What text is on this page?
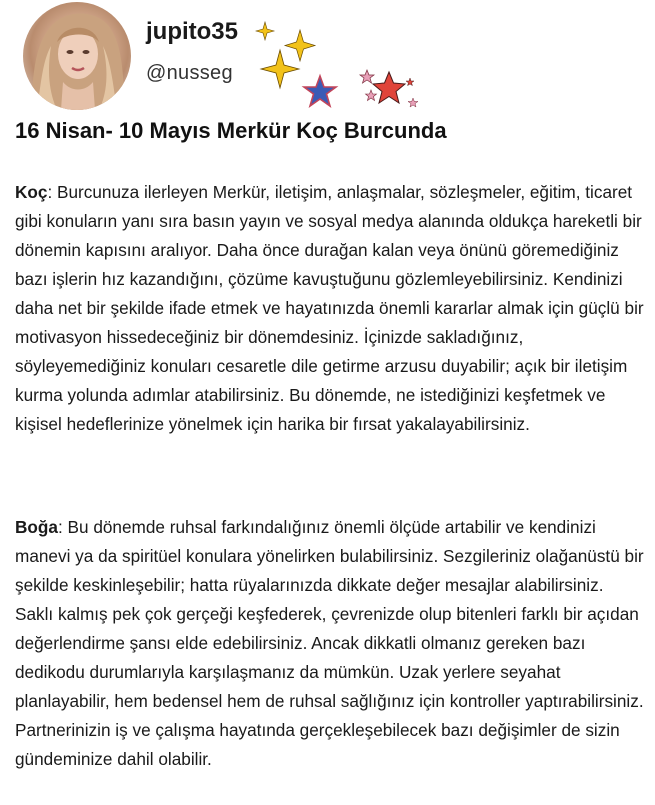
jupito35
@nusseg
16 Nisan- 10 Mayıs Merkür Koç Burcunda
Koç: Burcunuza ilerleyen Merkür, iletişim, anlaşmalar, sözleşmeler, eğitim, ticaret gibi konuların yanı sıra basın yayın ve sosyal medya alanında oldukça hareketli bir dönemin kapısını aralıyor. Daha önce durağan kalan veya önünü göremediğiniz bazı işlerin hız kazandığını, çözüme kavuştuğunu gözlemleyebilirsiniz. Kendinizi daha net bir şekilde ifade etmek ve hayatınızda önemli kararlar almak için güçlü bir motivasyon hissedeceğiniz bir dönemdesiniz. İçinizde sakladığınız, söyleyemediğiniz konuları cesaretle dile getirme arzusu duyabilir; açık bir iletişim kurma yolunda adımlar atabilirsiniz. Bu dönemde, ne istediğinizi keşfetmek ve kişisel hedeflerinize yönelmek için harika bir fırsat yakalayabilirsiniz.
Boğa: Bu dönemde ruhsal farkındalığınız önemli ölçüde artabilir ve kendinizi manevi ya da spiritüel konulara yönelirken bulabilirsiniz. Sezgileriniz olağanüstü bir şekilde keskinleşebilir; hatta rüyalarınızda dikkate değer mesajlar alabilirsiniz. Saklı kalmış pek çok gerçeği keşfederek, çevrenizde olup bitenleri farklı bir açıdan değerlendirme şansı elde edebilirsiniz. Ancak dikkatli olmanız gereken bazı dedikodu durumlarıyla karşılaşmanız da mümkün. Uzak yerlere seyahat planlayabilir, hem bedensel hem de ruhsal sağlığınız için kontroller yaptırabilirsiniz. Partnerinizin iş ve çalışma hayatında gerçekleşebilecek bazı değişimler de sizin gündeminize dahil olabilir.
